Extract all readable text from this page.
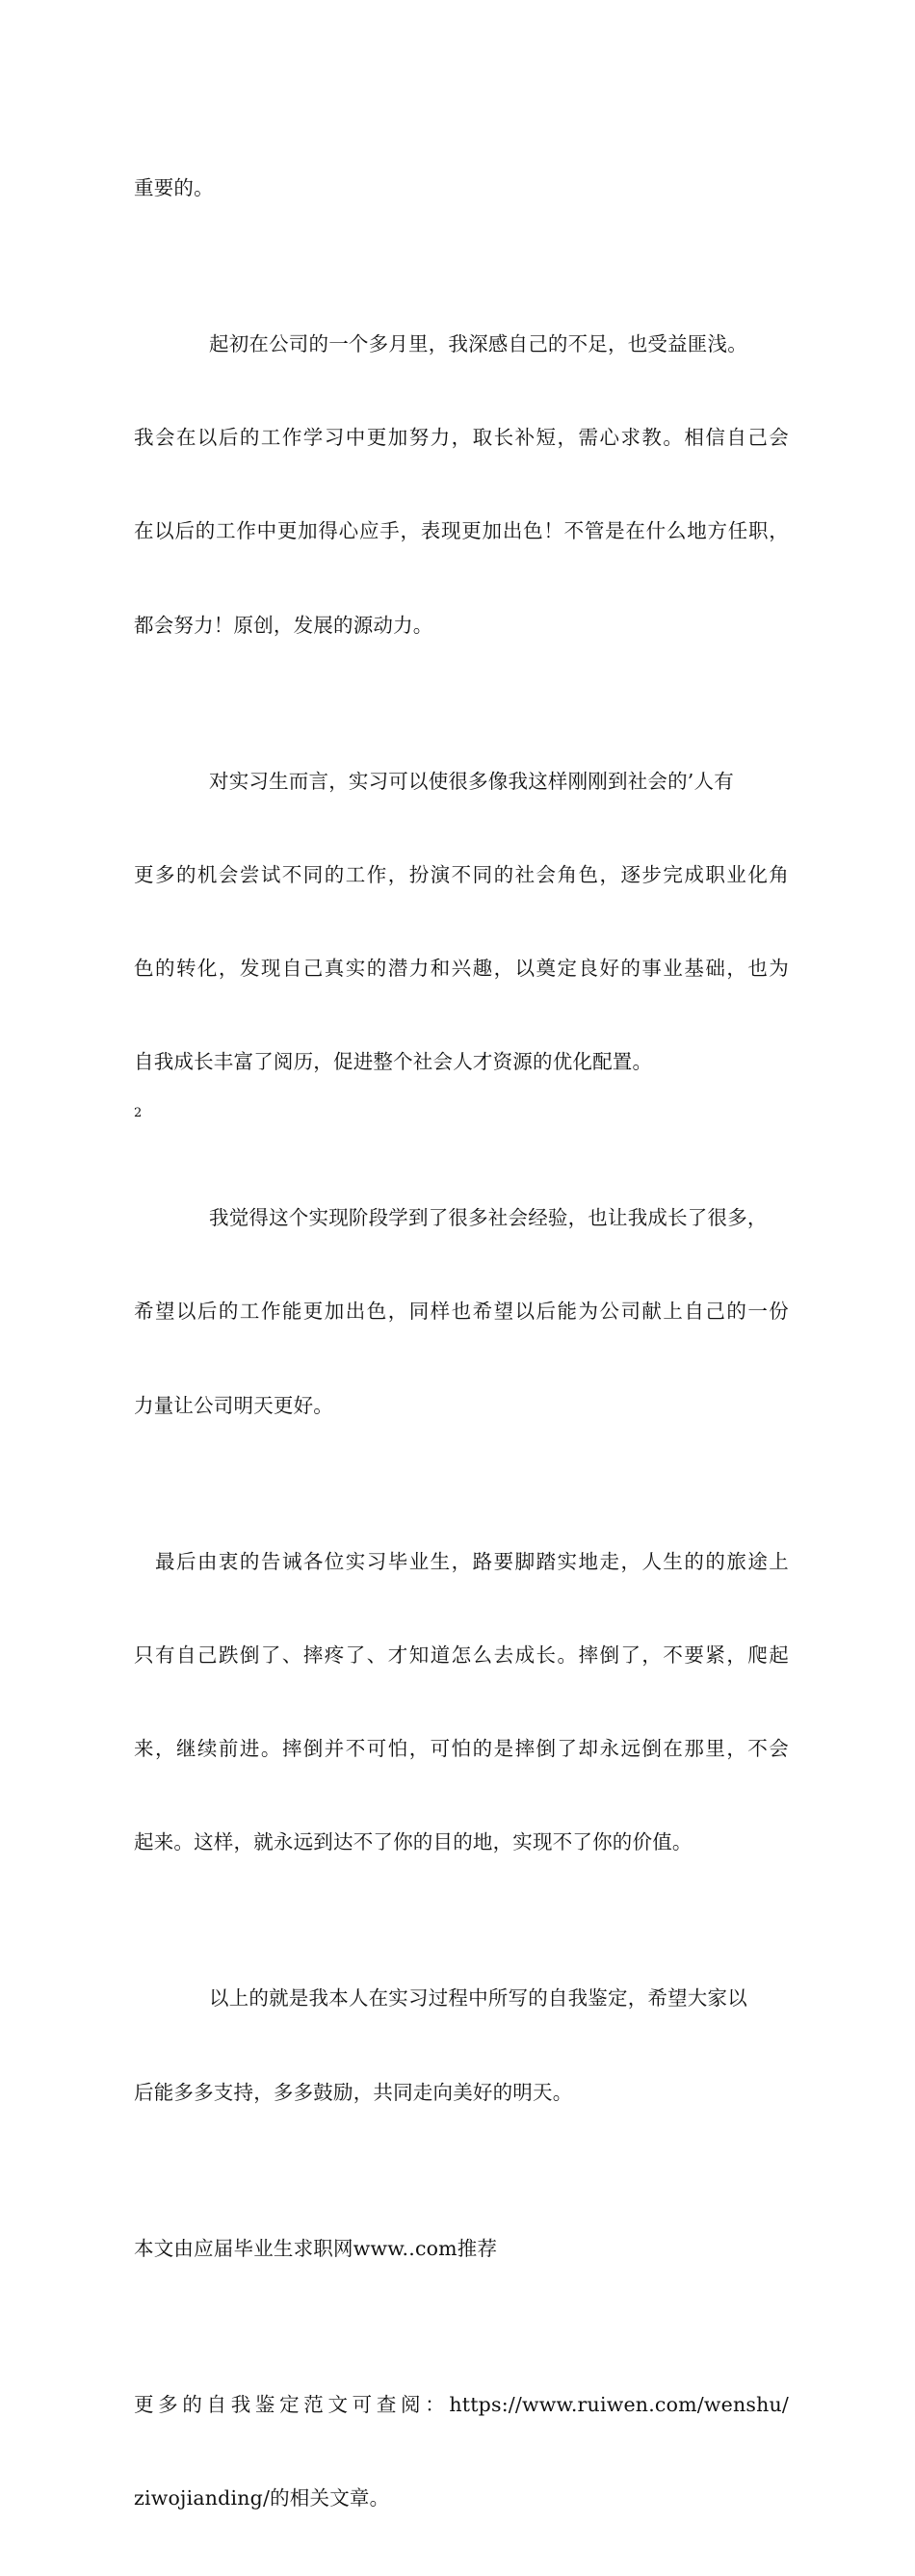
重要的。

起初在公司的一个多月里，我深感自己的不足，也受益匪浅。

我会在以后的工作学习中更加努力，取长补短，需心求教。相信自己会

在以后的工作中更加得心应手，表现更加出色！不管是在什么地方任职，

都会努力！原创，发展的源动力。

对实习生而言，实习可以使很多像我这样刚刚到社会的’人有

更多的机会尝试不同的工作，扮演不同的社会角色，逐步完成职业化角

色的转化，发现自己真实的潜力和兴趣，以奠定良好的事业基础，也为

自我成长丰富了阅历，促进整个社会人才资源的优化配置。

我觉得这个实现阶段学到了很多社会经验，也让我成长了很多，

希望以后的工作能更加出色，同样也希望以后能为公司献上自己的一份

力量让公司明天更好。

最后由衷的告诫各位实习毕业生，路要脚踏实地走，人生的的旅途上

只有自己跌倒了、摔疼了、才知道怎么去成长。摔倒了，不要紧，爬起

来，继续前进。摔倒并不可怕，可怕的是摔倒了却永远倒在那里，不会

起来。这样，就永远到达不了你的目的地，实现不了你的价值。

以上的就是我本人在实习过程中所写的自我鉴定，希望大家以

后能多多支持，多多鼓励，共同走向美好的明天。

本文由应届毕业生求职网www..com推荐

更多的自我鉴定范文可查阅：https://www.ruiwen.com/wenshu/

ziwojianding/的相关文章。

2
